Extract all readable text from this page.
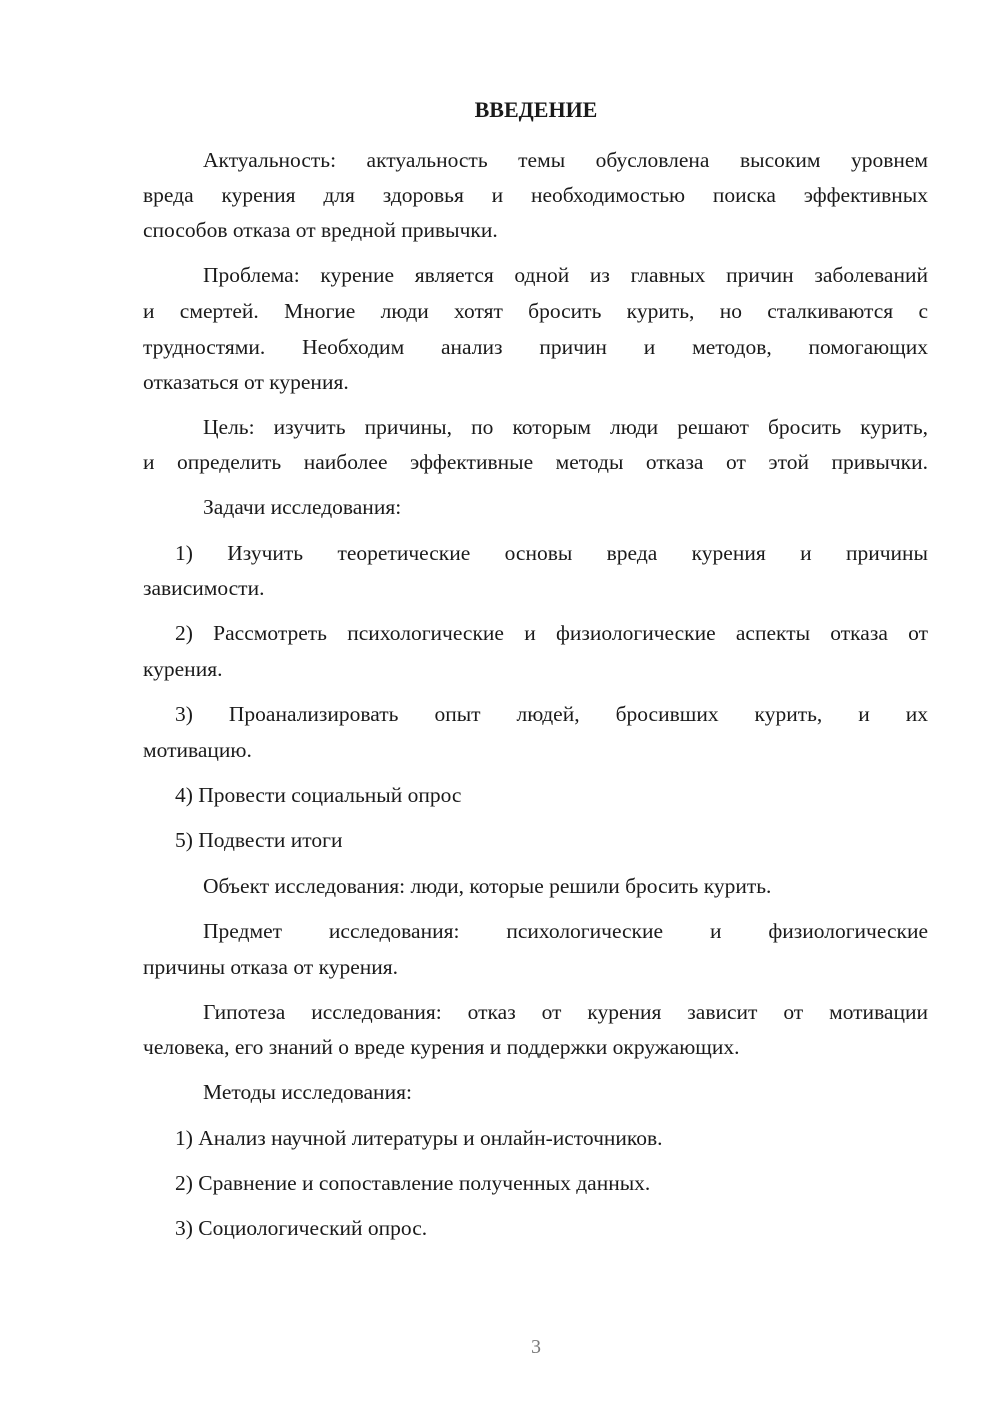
ВВЕДЕНИЕ
Актуальность: актуальность темы обусловлена высоким уровнем
вреда курения для здоровья и необходимостью поиска эффективных
способов отказа от вредной привычки.
Проблема: курение является одной из главных причин заболеваний
и смертей. Многие люди хотят бросить курить, но сталкиваются с
трудностями. Необходим анализ причин и методов, помогающих
отказаться от курения.
Цель: изучить причины, по которым люди решают бросить курить,
и определить наиболее эффективные методы отказа от этой привычки.
Задачи исследования:
1) Изучить теоретические основы вреда курения и причины
зависимости.
2) Рассмотреть психологические и физиологические аспекты отказа от
курения.
3) Проанализировать опыт людей, бросивших курить, и их
мотивацию.
4) Провести социальный опрос
5) Подвести итоги
Объект исследования: люди, которые решили бросить курить.
Предмет исследования: психологические и физиологические
причины отказа от курения.
Гипотеза исследования: отказ от курения зависит от мотивации
человека, его знаний о вреде курения и поддержки окружающих.
Методы исследования:
1) Анализ научной литературы и онлайн-источников.
2) Сравнение и сопоставление полученных данных.
3) Социологический опрос.
3
